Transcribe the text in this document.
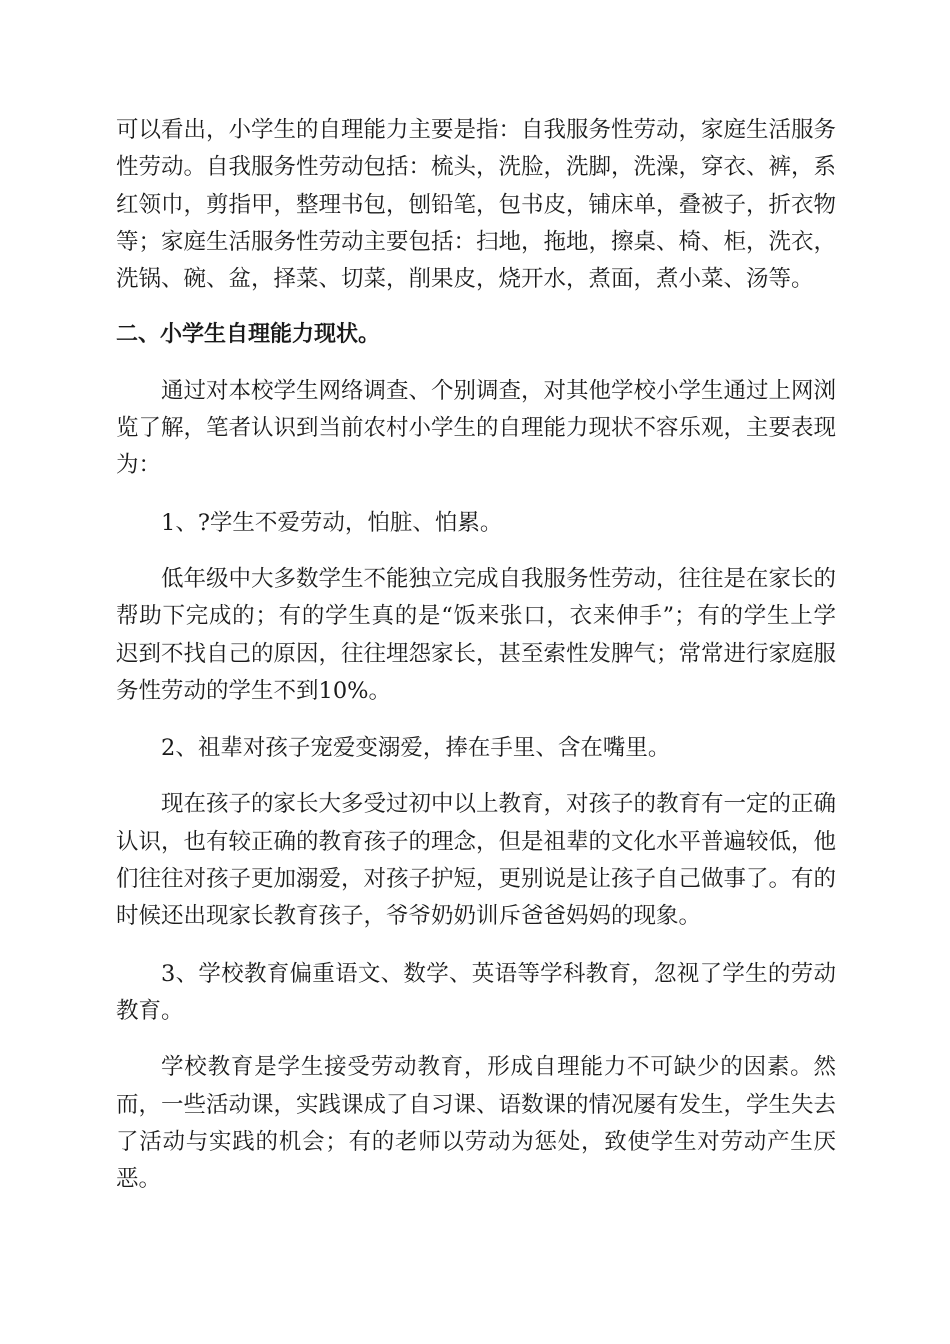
可以看出，小学生的自理能力主要是指：自我服务性劳动，家庭生活服务性劳动。自我服务性劳动包括：梳头，洗脸，洗脚，洗澡，穿衣、裤，系红领巾，剪指甲，整理书包，刨铅笔，包书皮，铺床单，叠被子，折衣物等；家庭生活服务性劳动主要包括：扫地，拖地，擦桌、椅、柜，洗衣，洗锅、碗、盆，择菜、切菜，削果皮，烧开水，煮面，煮小菜、汤等。

二、小学生自理能力现状。

通过对本校学生网络调查、个别调查，对其他学校小学生通过上网浏览了解，笔者认识到当前农村小学生的自理能力现状不容乐观，主要表现为：

1、?学生不爱劳动，怕脏、怕累。

低年级中大多数学生不能独立完成自我服务性劳动，往往是在家长的帮助下完成的；有的学生真的是“饭来张口，衣来伸手”；有的学生上学迟到不找自己的原因，往往埋怨家长，甚至索性发脾气；常常进行家庭服务性劳动的学生不到10%。

2、祖辈对孩子宠爱变溺爱，捧在手里、含在嘴里。

现在孩子的家长大多受过初中以上教育，对孩子的教育有一定的正确认识，也有较正确的教育孩子的理念，但是祖辈的文化水平普遍较低，他们往往对孩子更加溺爱，对孩子护短，更别说是让孩子自己做事了。有的时候还出现家长教育孩子，爷爷奶奶训斥爸爸妈妈的现象。

3、学校教育偏重语文、数学、英语等学科教育，忽视了学生的劳动教育。

学校教育是学生接受劳动教育，形成自理能力不可缺少的因素。然而，一些活动课，实践课成了自习课、语数课的情况屡有发生，学生失去了活动与实践的机会；有的老师以劳动为惩处，致使学生对劳动产生厌恶。
